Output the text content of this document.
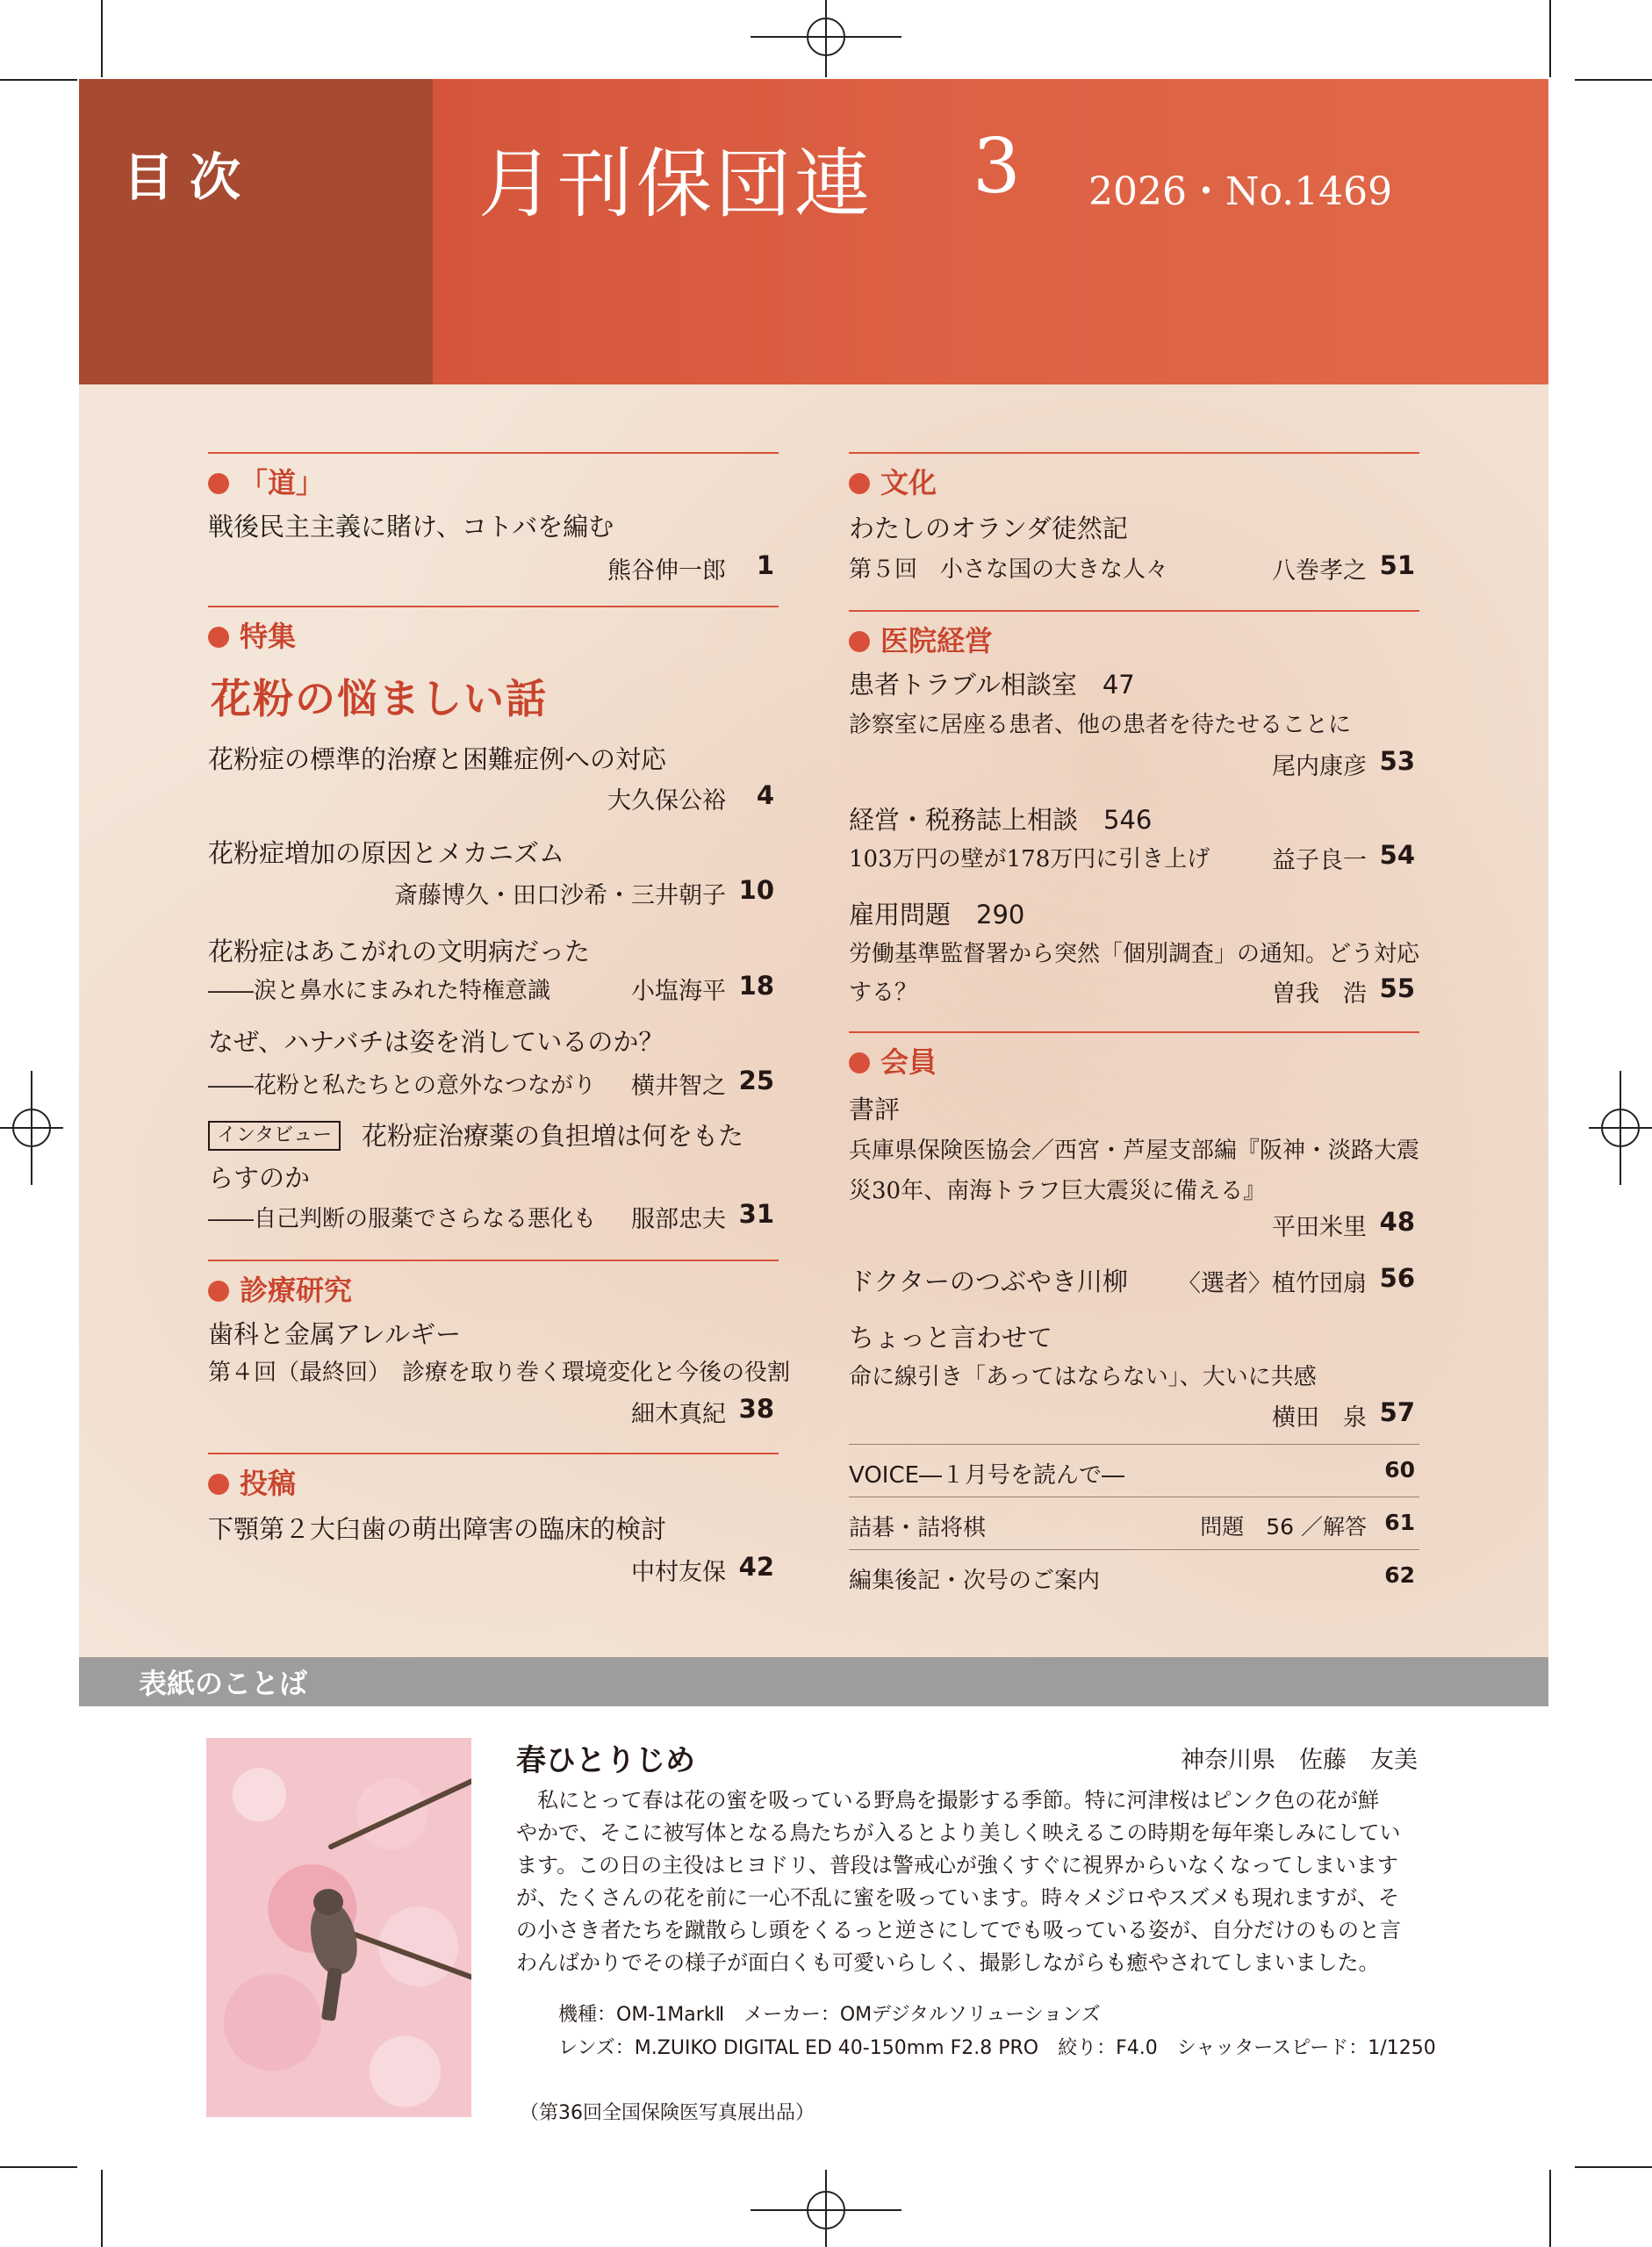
目次	月刊保団連 3 2026・No.1469
「道」
戦後民主主義に賭け、コトバを編む
熊谷伸一郎	1
特集
花粉の悩ましい話
花粉症の標準的治療と困難症例への対応
大久保公裕	4
花粉症増加の原因とメカニズム
斎藤博久・田口沙希・三井朝子 10
花粉症はあこがれの文明病だった
――涙と鼻水にまみれた特権意識	小塩海平 18
なぜ、ハナバチは姿を消しているのか？
――花粉と私たちとの意外なつながり 横井智之 25
インタビュー	花粉症治療薬の負担増は何をもた
らすのか
――自己判断の服薬でさらなる悪化も 服部忠夫 31
診療研究
歯科と金属アレルギー
第４回（最終回）　診療を取り巻く環境変化と今後の役割
細木真紀 38
投稿
下顎第２大臼歯の萌出障害の臨床的検討
中村友保 42
文化
わたしのオランダ徒然記
第５回　小さな国の大きな人々	八巻孝之 51
医院経営
患者トラブル相談室　47
診察室に居座る患者、他の患者を待たせることに
尾内康彦 53
経営・税務誌上相談　546
103万円の壁が178万円に引き上げ	益子良一 54
雇用問題　290
労働基準監督署から突然「個別調査」の通知。どう対応
する？	曽我　浩 55
会員
書評
兵庫県保険医協会／西宮・芦屋支部編『阪神・淡路大震
災30年、南海トラフ巨大震災に備える』
平田米里 48
ドクターのつぶやき川柳 〈選者〉植竹団扇 56
ちょっと言わせて
命に線引き「あってはならない」、大いに共感
横田　泉 57
VOICE―１月号を読んで―	60
詰碁・詰将棋	問題　56 ／解答 61
編集後記・次号のご案内	62
表紙のことば
春ひとりじめ	神奈川県　佐藤　友美
　私にとって春は花の蜜を吸っている野鳥を撮影する季節。特に河津桜はピンク色の花が鮮
やかで、そこに被写体となる鳥たちが入るとより美しく映えるこの時期を毎年楽しみにしてい
ます。この日の主役はヒヨドリ、普段は警戒心が強くすぐに視界からいなくなってしまいます
が、たくさんの花を前に一心不乱に蜜を吸っています。時々メジロやスズメも現れますが、そ
の小さき者たちを蹴散らし頭をくるっと逆さにしてでも吸っている姿が、自分だけのものと言
わんばかりでその様子が面白くも可愛いらしく、撮影しながらも癒やされてしまいました。
機種：OM-1MarkⅡ　メーカー：OMデジタルソリューションズ
レンズ：M.ZUIKO DIGITAL ED 40-150mm F2.8 PRO　絞り：F4.0　シャッタースピード：1/1250
（第36回全国保険医写真展出品）
